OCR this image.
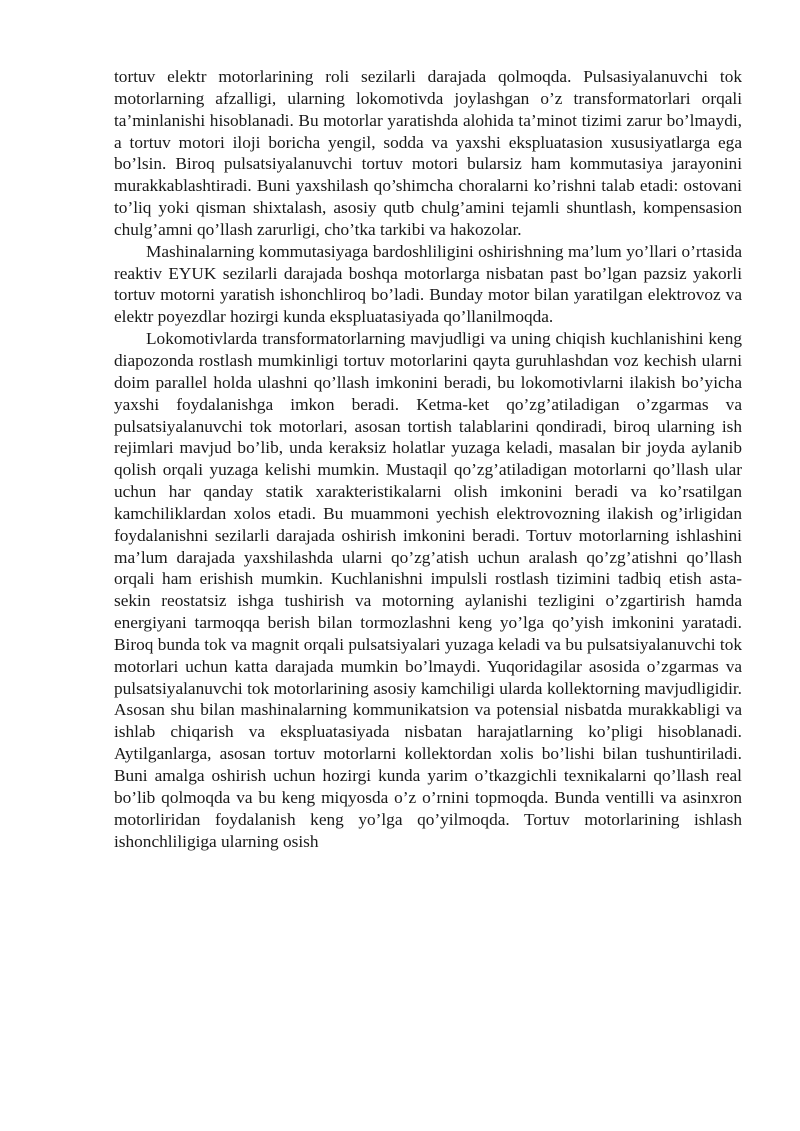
tortuv elektr motorlarining roli sezilarli darajada qolmoqda. Pulsasiyalanuvchi tok motorlarning afzalligi, ularning lokomotivda joylashgan o’z transformatorlari orqali ta’minlanishi hisoblanadi. Bu motorlar yaratishda alohida ta’minot tizimi zarur bo’lmaydi, a tortuv motori iloji boricha yengil, sodda va yaxshi ekspluatasion xususiyatlarga ega bo’lsin. Biroq pulsatsiyalanuvchi tortuv motori bularsiz ham kommutasiya jarayonini murakkablashtiradi. Buni yaxshilash qo’shimcha choralarni ko’rishni talab etadi: ostovani to’liq yoki qisman shixtalash, asosiy qutb chulg’amini tejamli shuntlash, kompensasion chulg’amni qo’llash zarurligi, cho’tka tarkibi va hakozolar.

Mashinalarning kommutasiyaga bardoshliligini oshirishning ma’lum yo’llari o’rtasida reaktiv EYUK sezilarli darajada boshqa motorlarga nisbatan past bo’lgan pazsiz yakorli tortuv motorni yaratish ishonchliroq bo’ladi. Bunday motor bilan yaratilgan elektrovoz va elektr poyezdlar hozirgi kunda ekspluatasiyada qo’llanilmoqda.

Lokomotivlarda transformatorlarning mavjudligi va uning chiqish kuchlanishini keng diapozonda rostlash mumkinligi tortuv motorlarini qayta guruhlashdan voz kechish ularni doim parallel holda ulashni qo’llash imkonini beradi, bu lokomotivlarni ilakish bo’yicha yaxshi foydalanishga imkon beradi. Ketma-ket qo’zg’atiladigan o’zgarmas va pulsatsiyalanuvchi tok motorlari, asosan tortish talablarini qondiradi, biroq ularning ish rejimlari mavjud bo’lib, unda keraksiz holatlar yuzaga keladi, masalan bir joyda aylanib qolish orqali yuzaga kelishi mumkin. Mustaqil qo’zg’atiladigan motorlarni qo’llash ular uchun har qanday statik xarakteristikalarni olish imkonini beradi va ko’rsatilgan kamchiliklardan xolos etadi. Bu muammoni yechish elektrovozning ilakish og’irligidan foydalanishni sezilarli darajada oshirish imkonini beradi. Tortuv motorlarning ishlashini ma’lum darajada yaxshilashda ularni qo’zg’atish uchun aralash qo’zg’atishni qo’llash orqali ham erishish mumkin. Kuchlanishni impulsli rostlash tizimini tadbiq etish asta-sekin reostatsiz ishga tushirish va motorning aylanishi tezligini o’zgartirish hamda energiyani tarmoqqa berish bilan tormozlashni keng yo’lga qo’yish imkonini yaratadi. Biroq bunda tok va magnit orqali pulsatsiyalari yuzaga keladi va bu pulsatsiyalanuvchi tok motorlari uchun katta darajada mumkin bo’lmaydi. Yuqoridagilar asosida o’zgarmas va pulsatsiyalanuvchi tok motorlarining asosiy kamchiligi ularda kollektorning mavjudligidir. Asosan shu bilan mashinalarning kommunikatsion va potensial nisbatda murakkabligi va ishlab chiqarish va ekspluatasiyada nisbatan harajatlarning ko’pligi hisoblanadi. Aytilganlarga, asosan tortuv motorlarni kollektordan xolis bo’lishi bilan tushuntiriladi. Buni amalga oshirish uchun hozirgi kunda yarim o’tkazgichli texnikalarni qo’llash real bo’lib qolmoqda va bu keng miqyosda o’z o’rnini topmoqda. Bunda ventilli va asinxron motorliridan foydalanish keng yo’lga qo’yilmoqda. Tortuv motorlarining ishlash ishonchliligiga ularning osish
